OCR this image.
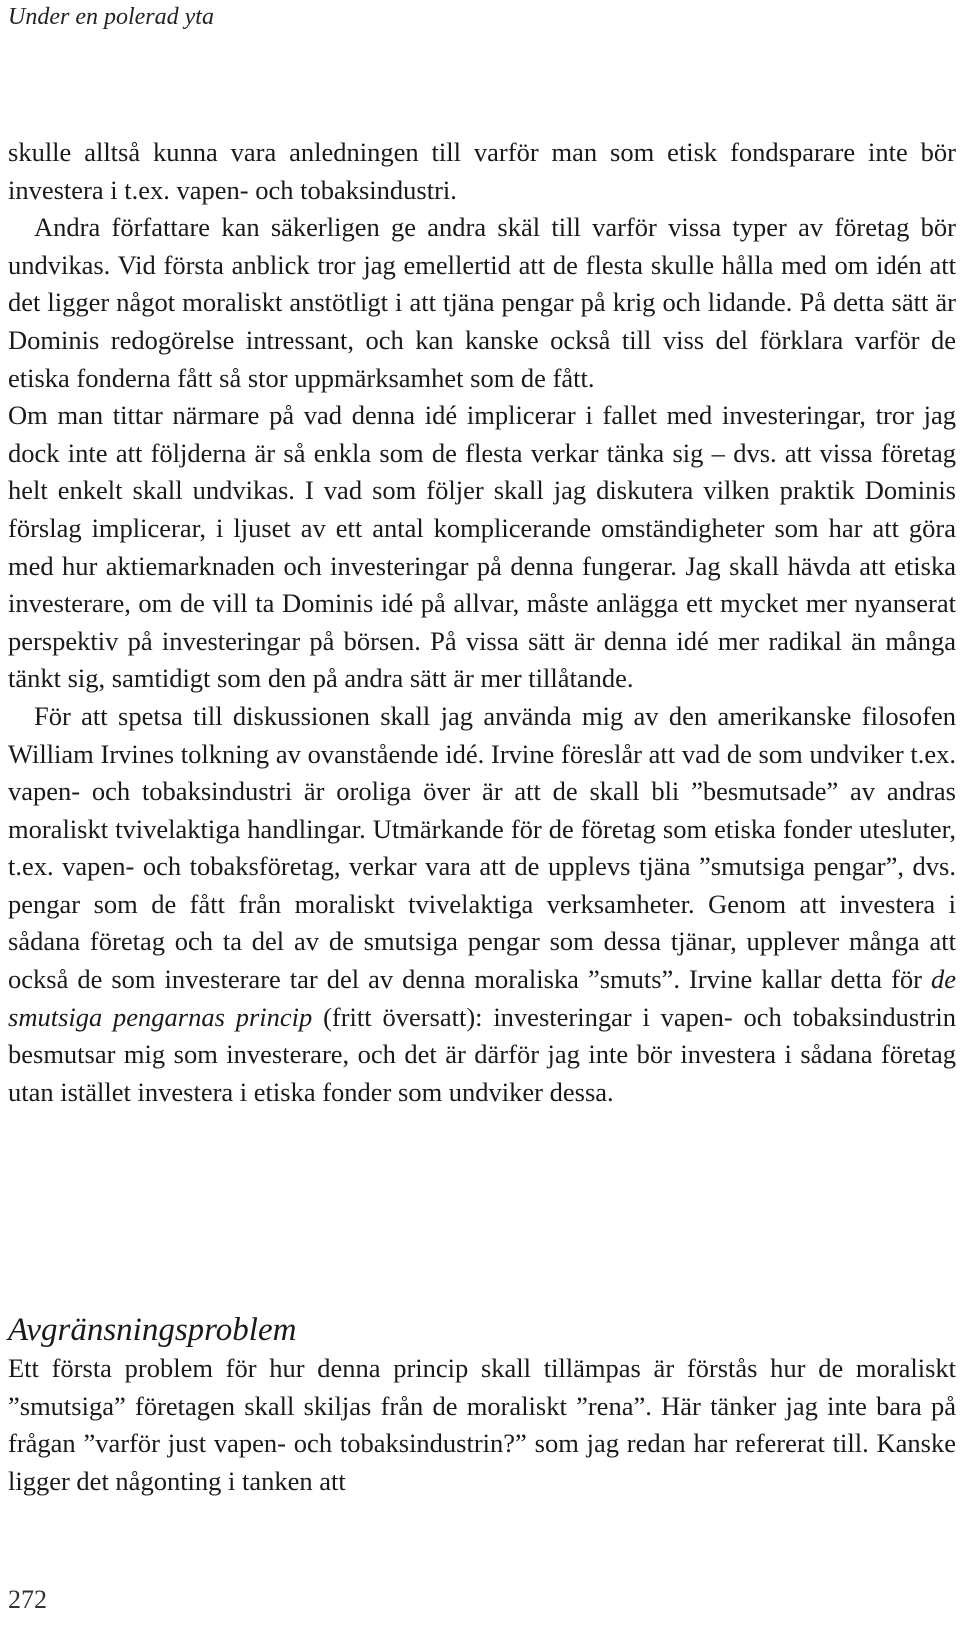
Under en polerad yta

skulle alltså kunna vara anledningen till varför man som etisk fondsparare inte bör investera i t.ex. vapen- och tobaksindustri.

Andra författare kan säkerligen ge andra skäl till varför vissa typer av företag bör undvikas. Vid första anblick tror jag emellertid att de flesta skulle hålla med om idén att det ligger något moraliskt anstötligt i att tjäna pengar på krig och lidande. På detta sätt är Dominis redogörelse intressant, och kan kanske också till viss del förklara varför de etiska fonderna fått så stor uppmärksamhet som de fått.

Om man tittar närmare på vad denna idé implicerar i fallet med investeringar, tror jag dock inte att följderna är så enkla som de flesta verkar tänka sig – dvs. att vissa företag helt enkelt skall undvikas. I vad som följer skall jag diskutera vilken praktik Dominis förslag implicerar, i ljuset av ett antal komplicerande omständigheter som har att göra med hur aktiemarknaden och investeringar på denna fungerar. Jag skall hävda att etiska investerare, om de vill ta Dominis idé på allvar, måste anlägga ett mycket mer nyanserat perspektiv på investeringar på börsen. På vissa sätt är denna idé mer radikal än många tänkt sig, samtidigt som den på andra sätt är mer tillåtande.

För att spetsa till diskussionen skall jag använda mig av den amerikanske filosofen William Irvines tolkning av ovanstående idé. Irvine föreslår att vad de som undviker t.ex. vapen- och tobaksindustri är oroliga över är att de skall bli ”besmutsade” av andras moraliskt tvivelaktiga handlingar. Utmärkande för de företag som etiska fonder utesluter, t.ex. vapen- och tobaksföretag, verkar vara att de upplevs tjäna ”smutsiga pengar”, dvs. pengar som de fått från moraliskt tvivelaktiga verksamheter. Genom att investera i sådana företag och ta del av de smutsiga pengar som dessa tjänar, upplever många att också de som investerare tar del av denna moraliska ”smuts”. Irvine kallar detta för de smutsiga pengarnas princip (fritt översatt): investeringar i vapen- och tobaksindustrin besmutsar mig som investerare, och det är därför jag inte bör investera i sådana företag utan istället investera i etiska fonder som undviker dessa.

Avgränsningsproblem

Ett första problem för hur denna princip skall tillämpas är förstås hur de moraliskt ”smutsiga” företagen skall skiljas från de moraliskt ”rena”. Här tänker jag inte bara på frågan ”varför just vapen- och tobaksindustrin?” som jag redan har refererat till. Kanske ligger det någonting i tanken att

272
